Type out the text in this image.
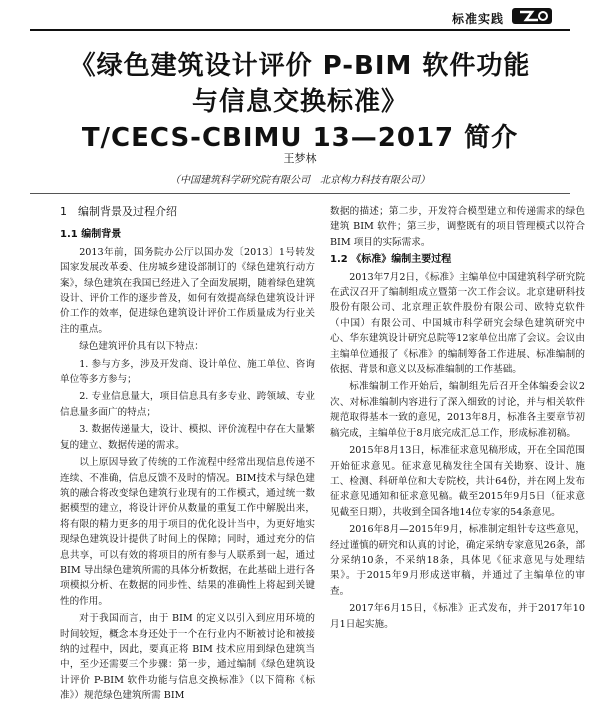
标准实践
《绿色建筑设计评价 P-BIM 软件功能
与信息交换标准》
T/CECS-CBIMU 13—2017 简介
王梦林
（中国建筑科学研究院有限公司　北京构力科技有限公司）
1　编制背景及过程介绍
1.1 编制背景

2013年前，国务院办公厅以国办发〔2013〕1号转发国家发展改革委、住房城乡建设部制订的《绿色建筑行动方案》，绿色建筑在我国已经进入了全面发展期，随着绿色建筑设计、评价工作的逐步普及，如何有效提高绿色建筑设计评价工作的效率，促进绿色建筑设计评价工作质量成为行业关注的重点。

绿色建筑评价具有以下特点：

1. 参与方多，涉及开发商、设计单位、施工单位、咨询单位等多方参与；

2. 专业信息量大，项目信息具有多专业、跨领域、专业信息量多面广的特点；

3. 数据传递量大，设计、模拟、评价流程中存在大量繁复的建立、数据传递的需求。

以上原因导致了传统的工作流程中经常出现信息传递不连续、不准确，信息反馈不及时的情况。BIM技术与绿色建筑的融合将改变绿色建筑行业现有的工作模式，通过统一数据模型的建立，将设计评价从数量的重复工作中解脱出来，将有限的精力更多的用于项目的优化设计当中，为更好地实现绿色建筑设计提供了时间上的保障；同时，通过充分的信息共享，可以有效的将项目的所有参与人联系到一起，通过 BIM 导出绿色建筑所需的具体分析数据，在此基础上进行各项模拟分析、在数据的同步性、结果的准确性上将起到关键性的作用。

对于我国而言，由于 BIM 的定义以引入到应用环境的时间较短，概念本身还处于一个在行业内不断被讨论和被接纳的过程中，因此，要真正将 BIM 技术应用到绿色建筑当中，至少还需要三个步骤：第一步，通过编制《绿色建筑设计评价 P-BIM 软件功能与信息交换标准》（以下简称《标准》）规范绿色建筑所需 BIM

数据的描述；第二步，开发符合模型建立和传递需求的绿色建筑 BIM 软件；第三步，调整既有的项目管理模式以符合 BIM 项目的实际需求。

1.2 《标准》编制主要过程

2013年7月2日，《标准》主编单位中国建筑科学研究院在武汉召开了编制组成立暨第一次工作会议。北京建研科技股份有限公司、北京理正软件股份有限公司、欧特克软件（中国）有限公司、中国城市科学研究会绿色建筑研究中心、华东建筑设计研究总院等12家单位出席了会议。会议由主编单位通报了《标准》的编制筹备工作进展、标准编制的依据、背景和意义以及标准编制的工作基础。

标准编制工作开始后，编制组先后召开全体编委会议2次、对标准编制内容进行了深入细致的讨论，并与相关软件规范取得基本一致的意见，2013年8月，标准各主要章节初稿完成，主编单位于8月底完成汇总工作，形成标准初稿。

2015年8月13日，标准征求意见稿形成，开在全国范围开始征求意见。征求意见稿发往全国有关勘察、设计、施工、检测、科研单位和大专院校，共计64份，并在网上发布征求意见通知和征求意见稿。截至2015年9月5日（征求意见截至日期），共收到全国各地14位专家的54条意见。

2016年8月—2015年9月，标准制定组针专这些意见，经过谨慎的研究和认真的讨论，确定采纳专家意见26条，部分采纳10条，不采纳18条，具体见《征求意见与处理结果》。于2015年9月形成送审稿，并通过了主编单位的审查。

2017年6月15日，《标准》正式发布，并于2017年10月1日起实施。
